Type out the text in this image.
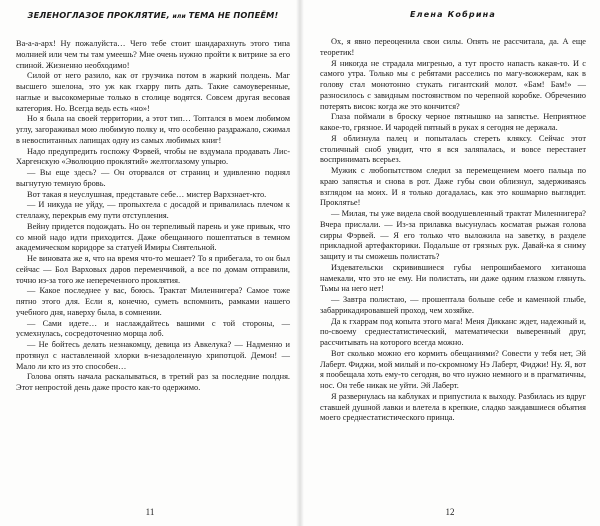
ЗЕЛЕНОГЛАЗОЕ ПРОКЛЯТИЕ, или ТЕМА НЕ ПОПЕЁМ!

Ва-а-а-арх! Ну пожалуйста… Чего тебе стоит шандарахнуть этого типа молнией или чем ты там умеешь? Мне очень нужно пройти к витрине за его спиной. Жизненно необходимо!

Силой от него разило, как от грузчика потом в жаркий полдень. Маг высшего эшелона, это уж как гхарру пить дать. Такие самоуверенные, наглые и высокомерные только в столице водятся. Совсем другая весовая категория. Но. Всегда ведь есть «но»!

Но я была на своей территории, а этот тип… Топтался в моем любимом углу, загораживал мою любимую полку и, что особенно раздражало, сжимал в невоспитанных лапищах одну из самых любимых книг!

Надо предупредить госпожу Фэрвей, чтобы не вздумала продавать Лис-Харгенскую «Эволюцию проклятий» желтоглазому упырю.

— Вы еще здесь? — Он оторвался от страниц и удивленно поднял выгнутую темную бровь.

Вот такая я неуслушная, представьте себе… мистер Вархзнает-кто.

— И никуда не уйду, — пропыхтела с досадой и привалилась плечом к стеллажу, перекрыв ему пути отступления.

Вейну придется подождать. Но он терпеливый парень и уже привык, что со мной надо идти приходится. Даже обещанного пошептаться в темном академическом коридоре за статуей Имиры Сиятельной.

Не виновата же я, что на время что-то мешает? То я прибегала, то он был сейчас — Бол Варховых даров переменчивой, а все по домам отправили, точно из-за того же непереченного проклятия.

— Какое последнее у вас, боюсь. Трактат Миленнигера? Самое тоже пятно этого для. Если я, конечно, суметь вспомнить, рамками нашего учебного дня, наверху была, в сомнении.

— Сами идете… и наслаждайтесь вашими с той стороны, — усмехнулась, сосредоточенно морща лоб.

— Не бойтесь делать незнакомцу, девица из Авкелука? — Надменно и протянул с наставленной хлорки в-незадоленную хрипотцой. Демон! — Мало ли кто из это способен…

Голова опять начала раскалываться, в третий раз за последние полдня. Этот непростой день даже просто как-то одержимо.

11
Елена Кобрина

Ох, я явно переоценила свои силы. Опять не рассчитала, да. А еще теоретик!

Я никогда не страдала мигренью, а тут просто напасть какая-то. И с самого утра. Только мы с ребятами расселись по магу-вожжерам, как в голову стал монотонно стукать гигантский молот. «Бам! Бам!» — разносилось с завидным постоянством по черепной коробке. Обречению потерять висок: когда же это кончится?

Глаза поймали в броску черное пятнышко на запястье. Неприятное какое-то, грязное. И чародей пятный в руках я сегодня не держала.

Я облизнула палец и попыталась стереть кляксу. Сейчас этот столичный сноб увидит, что я вся заляпалась, и вовсе перестанет воспринимать всерьез.

Мужик с любопытством следил за перемещением моего пальца по краю запястья и снова в рот. Даже губы свои облизнул, задерживаясь взглядом на моих. И я только догадалась, как это кошмарно выглядит. Проклятье!

— Милая, ты уже видела свой воодушевленный трактат Миленнигера? Вчера прислали. — Из-за прилавка высунулась косматая рыжая голова сирры Фэрвей. — Я его только что выложила на заветку, в разделе прикладной артефакторики. Подальше от грязных рук. Давай-ка я сниму защиту и ты сможешь полистать?

Издевательски скривившиеся губы непрошибаемого хитаноша намекали, что это не ему. Ни полистать, ни даже одним глазком глянуть. Тьмы на него нет!

— Завтра полистаю, — прошептала больше себе и каменной глыбе, забаррикадировавшей проход, чем хозяйке.

Да к гхаррам под копыта этого мага! Меня Дикканс ждет, надежный и, по-своему среднестатистический, математически выверенный друг, рассчитывать на которого всегда можно.

Вот сколько можно его кормить обещаниями? Совести у тебя нет, Эй Лаберт. Фиджи, мой милый и по-скромному Нэ Лаберт, Фиджи! Ну. Я, вот я пообещала хоть ему-то сегодня, во что нужно немного и в прагматичны, нос. Он тебе никак не уйти. Эй Лаберт.

Я развернулась на каблуках и припустила к выходу. Разбилась из вдруг ставшей душной лавки и влетела в крепкие, сладко заждавшиеся объятия моего среднестатистического принца.

12
